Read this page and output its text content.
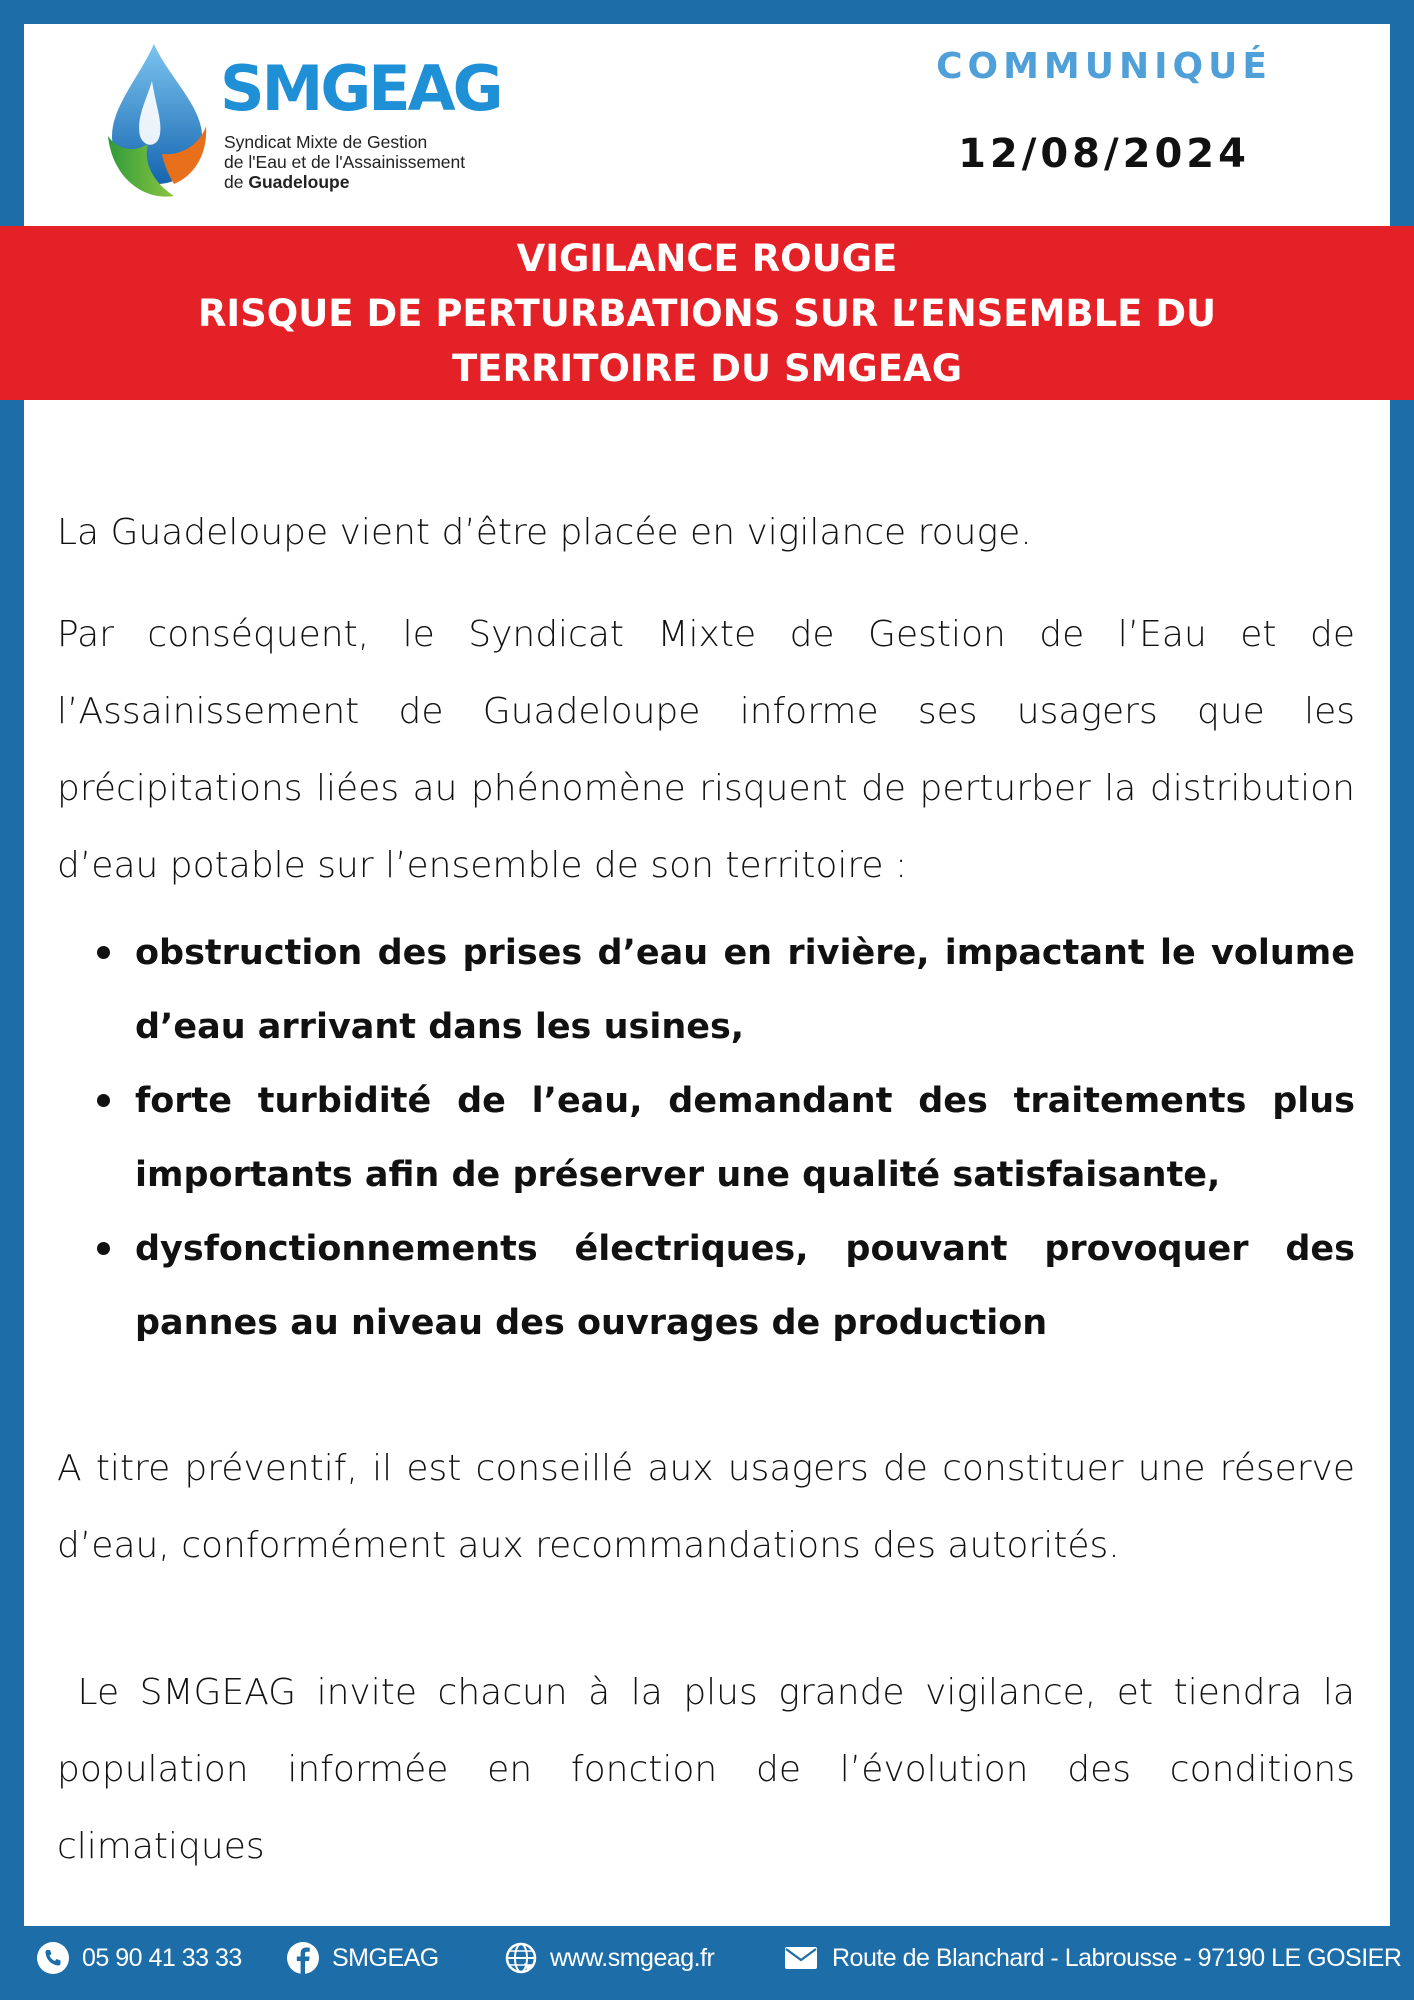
SMGEAG
Syndicat Mixte de Gestion
de l'Eau et de l'Assainissement
de Guadeloupe
COMMUNIQUÉ
12/08/2024
VIGILANCE ROUGE
RISQUE DE PERTURBATIONS SUR L’ENSEMBLE DU
TERRITOIRE DU SMGEAG

La Guadeloupe vient d’être placée en vigilance rouge.

Par conséquent, le Syndicat Mixte de Gestion de l’Eau et de l’Assainissement de Guadeloupe informe ses usagers que les précipitations liées au phénomène risquent de perturber la distribution d’eau potable sur l’ensemble de son territoire :

obstruction des prises d’eau en rivière, impactant le volume d’eau arrivant dans les usines,
forte turbidité de l’eau, demandant des traitements plus importants afin de préserver une qualité satisfaisante,
dysfonctionnements électriques, pouvant provoquer des pannes au niveau des ouvrages de production

A titre préventif, il est conseillé aux usagers de constituer une réserve d’eau, conformément aux recommandations des autorités.

Le SMGEAG invite chacun à la plus grande vigilance, et tiendra la population informée en fonction de l’évolution des conditions climatiques

05 90 41 33 33	SMGEAG	www.smgeag.fr	Route de Blanchard - Labrousse - 97190 LE GOSIER
